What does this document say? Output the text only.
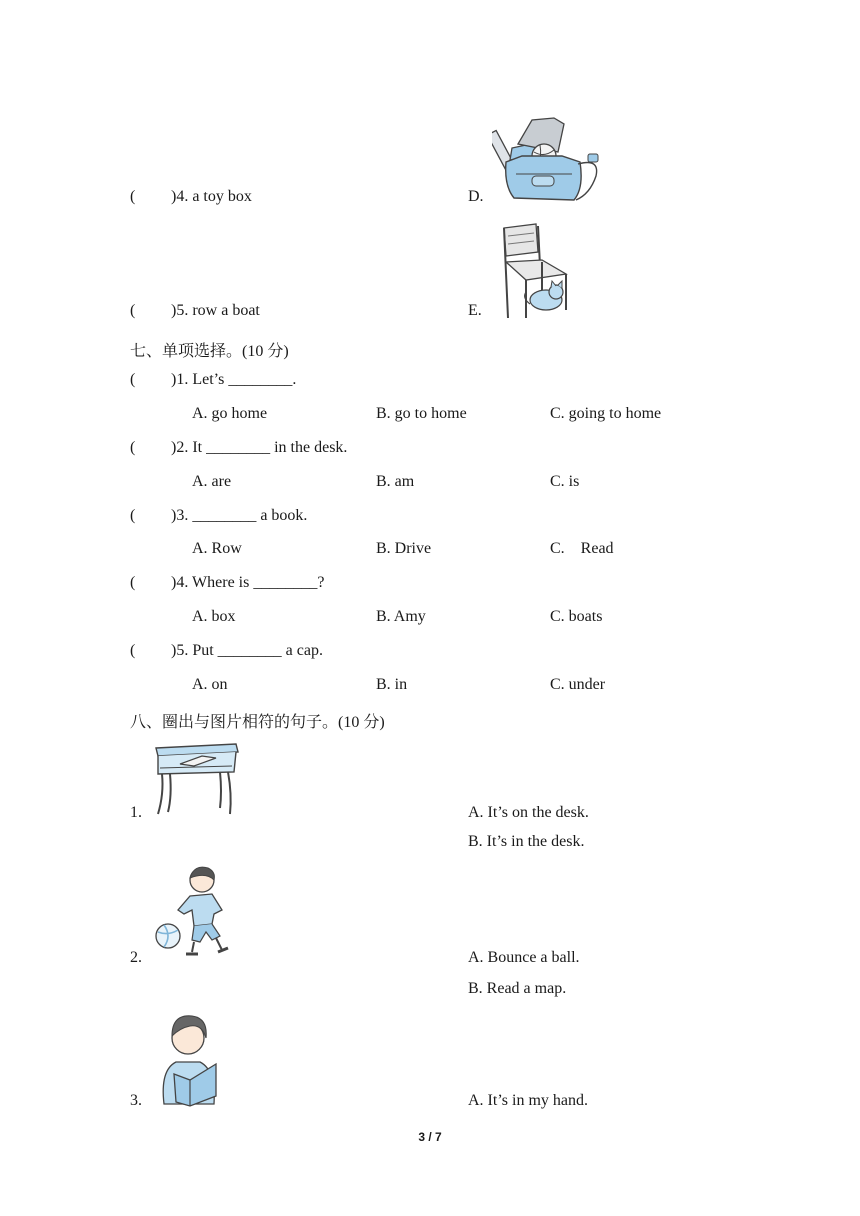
( )4. a toy box	D.
( )5. row a boat	E.
七、单项选择。(10 分)
( )1. Let’s ________.
A. go home	B. go to home	C. going to home
( )2. It ________ in the desk.
A. are	B. am	C. is
( )3. ________ a book.
A. Row	B. Drive	C. Read
( )4. Where is ________?
A. box	B. Amy	C. boats
( )5. Put ________ a cap.
A. on	B. in	C. under
八、圈出与图片相符的句子。(10 分)
1.	A. It’s on the desk.
B. It’s in the desk.
2.	A. Bounce a ball.
B. Read a map.
3.	A. It’s in my hand.
3 / 7
